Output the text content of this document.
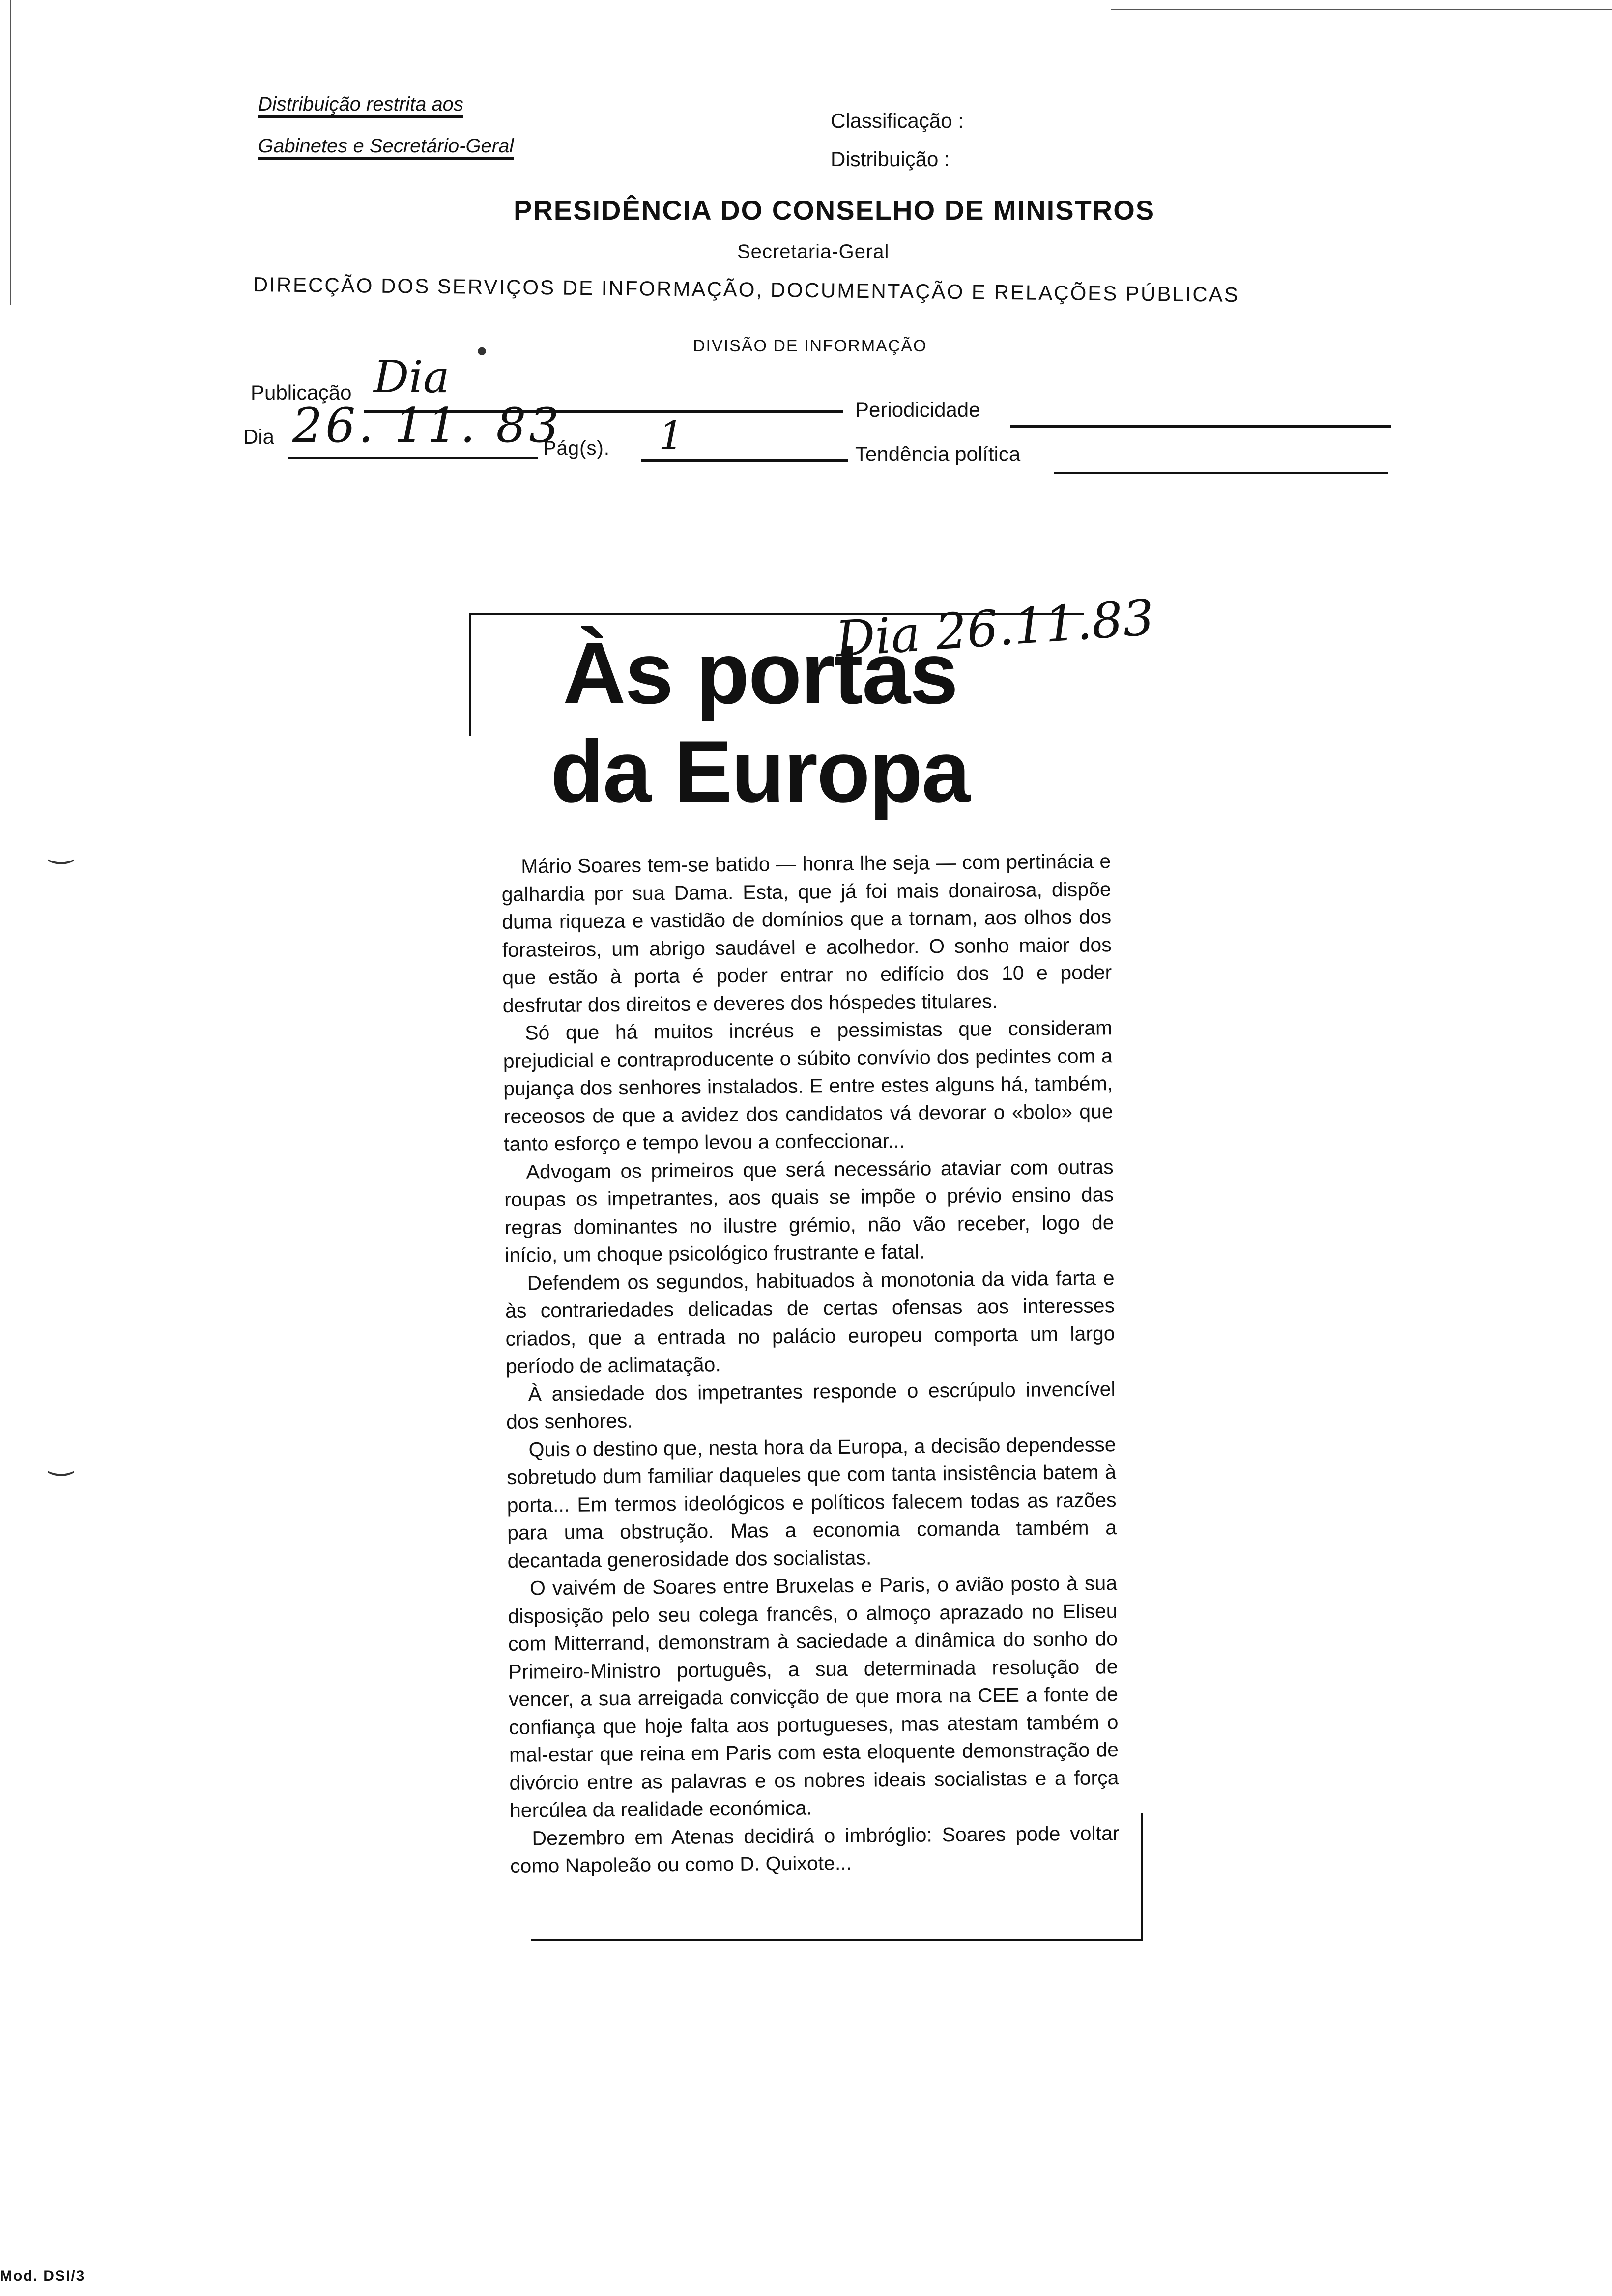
Distribuição restrita aos
Gabinetes e Secretário-Geral
Classificação :
Distribuição :
PRESIDÊNCIA DO CONSELHO DE MINISTROS
Secretaria-Geral
DIRECÇÃO DOS SERVIÇOS DE INFORMAÇÃO, DOCUMENTAÇÃO E RELAÇÕES PÚBLICAS
DIVISÃO DE INFORMAÇÃO
•
Publicação Dia
Dia 26. 11. 83
Pág(s). 1
Periodicidade
Tendência política
Às portas
da Europa
Dia 26.11.83

Mário Soares tem-se batido — honra lhe seja — com pertinácia e galhardia por sua Dama. Esta, que já foi mais donairosa, dispõe duma riqueza e vastidão de domínios que a tornam, aos olhos dos forasteiros, um abrigo saudável e acolhedor. O sonho maior dos que estão à porta é poder entrar no edifício dos 10 e poder desfrutar dos direitos e deveres dos hóspedes titulares.

Só que há muitos incréus e pessimistas que consideram prejudicial e contraproducente o súbito convívio dos pedintes com a pujança dos senhores instalados. E entre estes alguns há, também, receosos de que a avidez dos candidatos vá devorar o «bolo» que tanto esforço e tempo levou a confeccionar...

Advogam os primeiros que será necessário ataviar com outras roupas os impetrantes, aos quais se impõe o prévio ensino das regras dominantes no ilustre grémio, não vão receber, logo de início, um choque psicológico frustrante e fatal.

Defendem os segundos, habituados à monotonia da vida farta e às contrariedades delicadas de certas ofensas aos interesses criados, que a entrada no palácio europeu comporta um largo período de aclimatação.

À ansiedade dos impetrantes responde o escrúpulo invencível dos senhores.

Quis o destino que, nesta hora da Europa, a decisão dependesse sobretudo dum familiar daqueles que com tanta insistência batem à porta... Em termos ideológicos e políticos falecem todas as razões para uma obstrução. Mas a economia comanda também a decantada generosidade dos socialistas.

O vaivém de Soares entre Bruxelas e Paris, o avião posto à sua disposição pelo seu colega francês, o almoço aprazado no Eliseu com Mitterrand, demonstram à saciedade a dinâmica do sonho do Primeiro-Ministro português, a sua determinada resolução de vencer, a sua arreigada convicção de que mora na CEE a fonte de confiança que hoje falta aos portugueses, mas atestam também o mal-estar que reina em Paris com esta eloquente demonstração de divórcio entre as palavras e os nobres ideais socialistas e a força hercúlea da realidade económica.

Dezembro em Atenas decidirá o imbróglio: Soares pode voltar como Napoleão ou como D. Quixote...

‿
‿
Mod. DSI/3
